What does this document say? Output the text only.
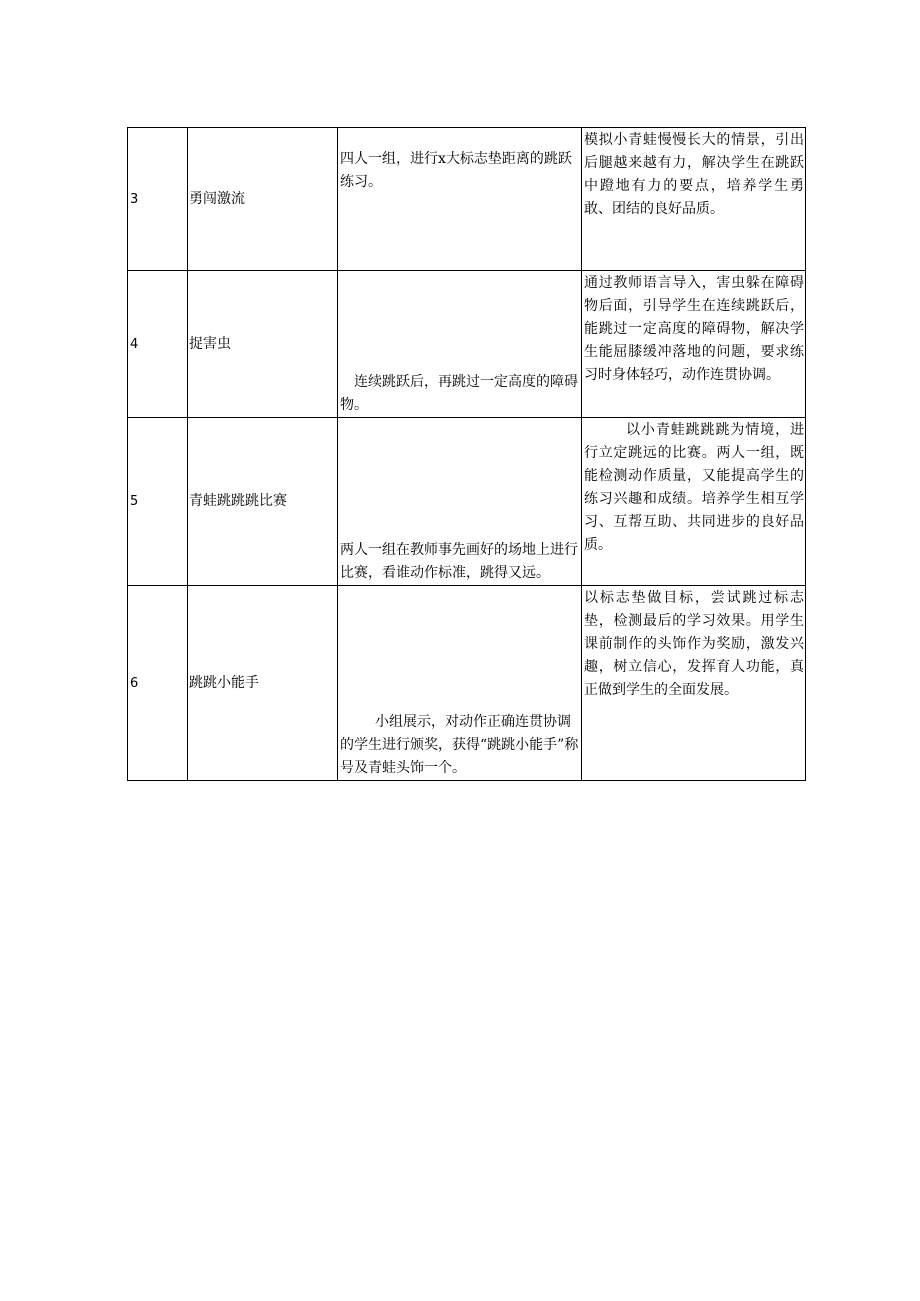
3	勇闯激流	四人一组，进行x大标志垫距离的跳跃练习。	模拟小青蛙慢慢长大的情景，引出后腿越来越有力，解决学生在跳跃中蹬地有力的要点，培养学生勇敢、团结的良好品质。
4	捉害虫	连续跳跃后，再跳过一定高度的障碍物。	通过教师语言导入，害虫躲在障碍物后面，引导学生在连续跳跃后，能跳过一定高度的障碍物，解决学生能屈膝缓冲落地的问题，要求练习时身体轻巧，动作连贯协调。
5	青蛙跳跳跳比赛	两人一组在教师事先画好的场地上进行比赛，看谁动作标准，跳得又远。	以小青蛙跳跳跳为情境，进行立定跳远的比赛。两人一组，既能检测动作质量，又能提高学生的练习兴趣和成绩。培养学生相互学习、互帮互助、共同进步的良好品质。
6	跳跳小能手	小组展示，对动作正确连贯协调的学生进行颁奖，获得“跳跳小能手”称号及青蛙头饰一个。	以标志垫做目标，尝试跳过标志垫，检测最后的学习效果。用学生课前制作的头饰作为奖励，激发兴趣，树立信心，发挥育人功能，真正做到学生的全面发展。
